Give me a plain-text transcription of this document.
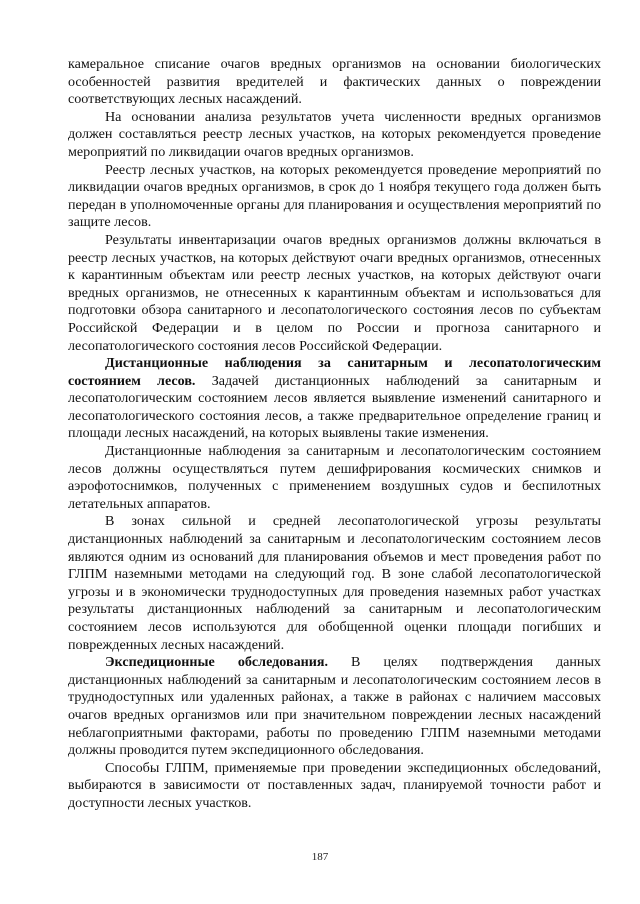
камеральное списание очагов вредных организмов на основании биологических особенностей развития вредителей и фактических данных о повреждении соответствующих лесных насаждений.

На основании анализа результатов учета численности вредных организмов должен составляться реестр лесных участков, на которых рекомендуется проведение мероприятий по ликвидации очагов вредных организмов.

Реестр лесных участков, на которых рекомендуется проведение мероприятий по ликвидации очагов вредных организмов, в срок до 1 ноября текущего года должен быть передан в уполномоченные органы для планирования и осуществления мероприятий по защите лесов.

Результаты инвентаризации очагов вредных организмов должны включаться в реестр лесных участков, на которых действуют очаги вредных организмов, отнесенных к карантинным объектам или реестр лесных участков, на которых действуют очаги вредных организмов, не отнесенных к карантинным объектам и использоваться для подготовки обзора санитарного и лесопатологического состояния лесов по субъектам Российской Федерации и в целом по России и прогноза санитарного и лесопатологического состояния лесов Российской Федерации.

Дистанционные наблюдения за санитарным и лесопатологическим состоянием лесов. Задачей дистанционных наблюдений за санитарным и лесопатологическим состоянием лесов является выявление изменений санитарного и лесопатологического состояния лесов, а также предварительное определение границ и площади лесных насаждений, на которых выявлены такие изменения.

Дистанционные наблюдения за санитарным и лесопатологическим состоянием лесов должны осуществляться путем дешифрирования космических снимков и аэрофотоснимков, полученных с применением воздушных судов и беспилотных летательных аппаратов.

В зонах сильной и средней лесопатологической угрозы результаты дистанционных наблюдений за санитарным и лесопатологическим состоянием лесов являются одним из оснований для планирования объемов и мест проведения работ по ГЛПМ наземными методами на следующий год. В зоне слабой лесопатологической угрозы и в экономически труднодоступных для проведения наземных работ участках результаты дистанционных наблюдений за санитарным и лесопатологическим состоянием лесов используются для обобщенной оценки площади погибших и поврежденных лесных насаждений.

Экспедиционные обследования. В целях подтверждения данных дистанционных наблюдений за санитарным и лесопатологическим состоянием лесов в труднодоступных или удаленных районах, а также в районах с наличием массовых очагов вредных организмов или при значительном повреждении лесных насаждений неблагоприятными факторами, работы по проведению ГЛПМ наземными методами должны проводится путем экспедиционного обследования.

Способы ГЛПМ, применяемые при проведении экспедиционных обследований, выбираются в зависимости от поставленных задач, планируемой точности работ и доступности лесных участков.

187
